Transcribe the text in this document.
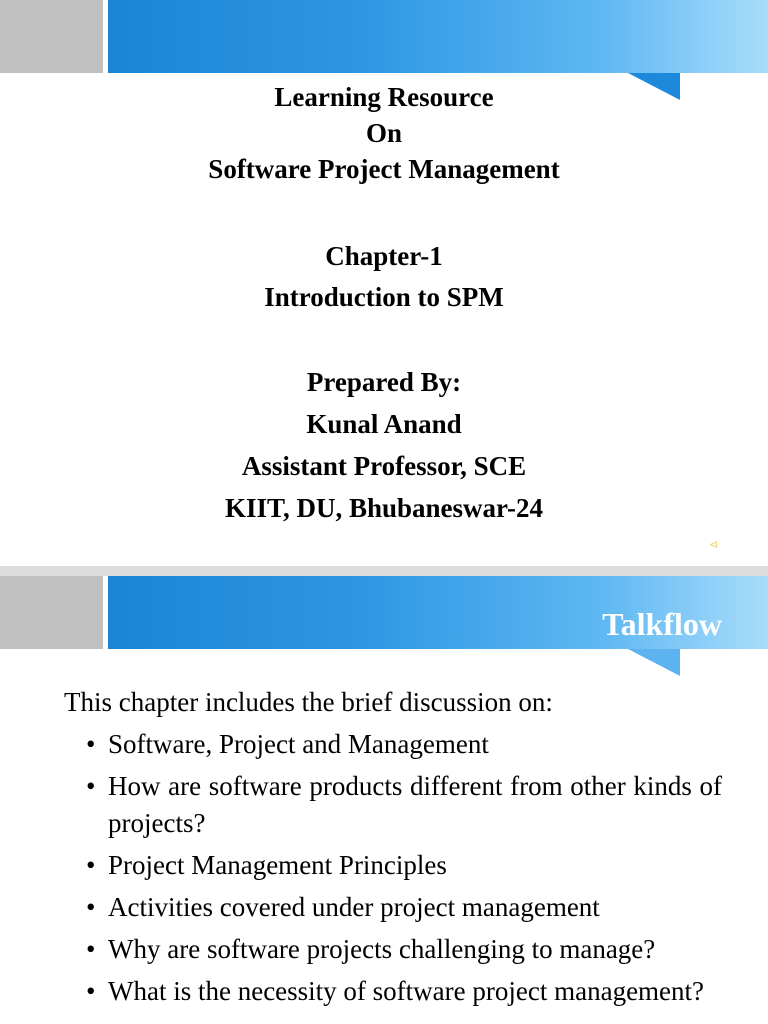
Learning Resource
On
Software Project Management
Chapter-1
Introduction to SPM
Prepared By:
Kunal Anand
Assistant Professor, SCE
KIIT, DU, Bhubaneswar-24
⊲
Talkflow
This chapter includes the brief discussion on:
• Software, Project and Management
• How are software products different from other kinds of projects?
• Project Management Principles
• Activities covered under project management
• Why are software projects challenging to manage?
• What is the necessity of software project management?
